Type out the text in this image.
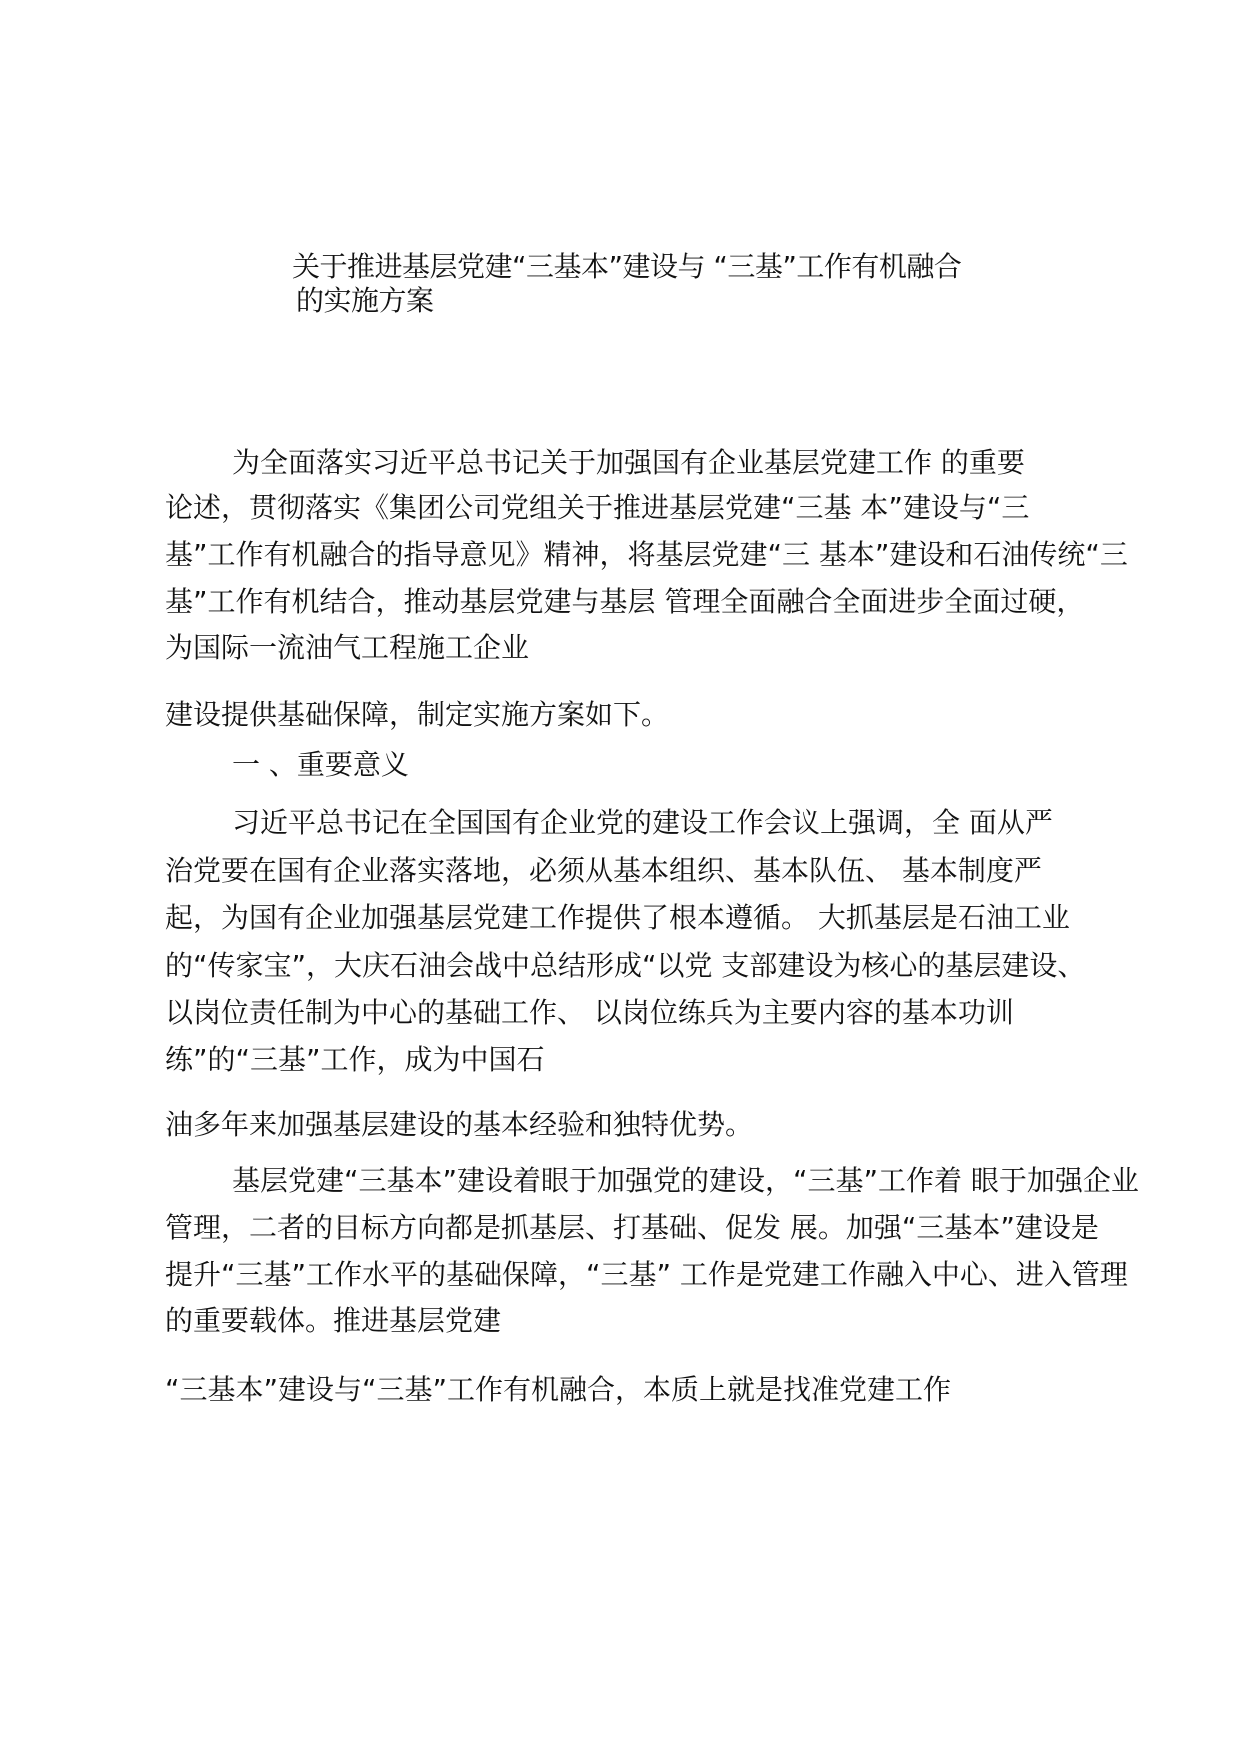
关于推进基层党建“三基本”建设与 “三基”工作有机融合
的实施方案
为全面落实习近平总书记关于加强国有企业基层党建工作 的重要
论述，贯彻落实《集团公司党组关于推进基层党建“三基 本”建设与“三
基”工作有机融合的指导意见》精神，将基层党建“三 基本”建设和石油传统“三
基”工作有机结合，推动基层党建与基层 管理全面融合全面进步全面过硬，
为国际一流油气工程施工企业
建设提供基础保障，制定实施方案如下。
一 、重要意义
习近平总书记在全国国有企业党的建设工作会议上强调，全 面从严
治党要在国有企业落实落地，必须从基本组织、基本队伍、 基本制度严
起，为国有企业加强基层党建工作提供了根本遵循。 大抓基层是石油工业
的“传家宝”，大庆石油会战中总结形成“以党 支部建设为核心的基层建设、
以岗位责任制为中心的基础工作、 以岗位练兵为主要内容的基本功训
练”的“三基”工作，成为中国石
油多年来加强基层建设的基本经验和独特优势。
基层党建“三基本”建设着眼于加强党的建设，“三基”工作着 眼于加强企业
管理，二者的目标方向都是抓基层、打基础、促发 展。加强“三基本”建设是
提升“三基”工作水平的基础保障，“三基” 工作是党建工作融入中心、进入管理
的重要载体。推进基层党建
“三基本”建设与“三基”工作有机融合，本质上就是找准党建工作
